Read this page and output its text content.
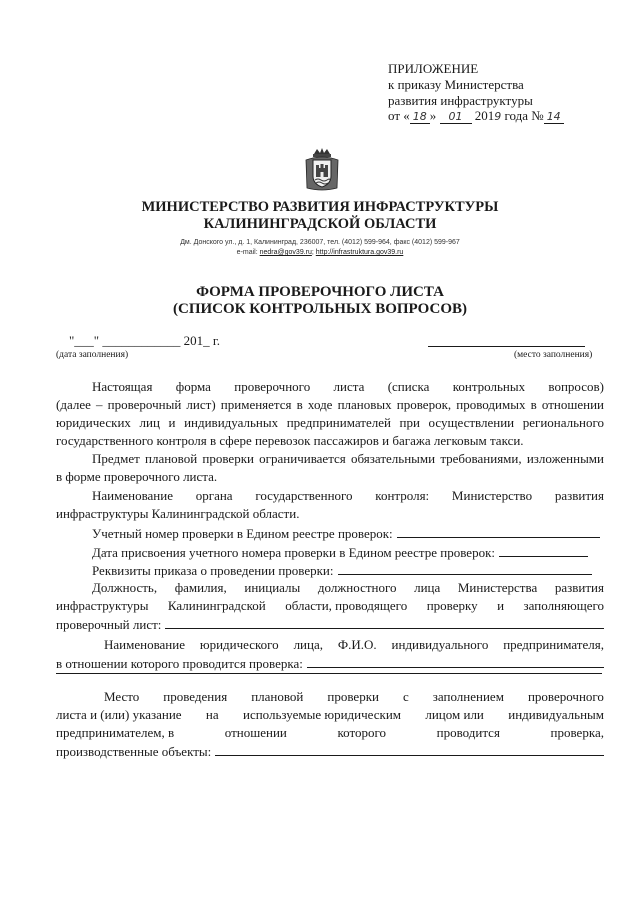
ПРИЛОЖЕНИЕ
к приказу Министерства
развития инфраструктуры
от « 18 » 01 2019 года № 14
МИНИСТЕРСТВО РАЗВИТИЯ ИНФРАСТРУКТУРЫ
КАЛИНИНГРАДСКОЙ ОБЛАСТИ
Дм. Донского ул., д. 1, Калининград, 236007, тел. (4012) 599-964, факс (4012) 599-967
e-mail: nedra@gov39.ru; http://infrastruktura.gov39.ru
ФОРМА ПРОВЕРОЧНОГО ЛИСТА
(СПИСОК КОНТРОЛЬНЫХ ВОПРОСОВ)
"___" ____________ 201_ г.
(дата заполнения)	(место заполнения)
Настоящая форма проверочного листа (списка контрольных вопросов)
(далее – проверочный лист) применяется в ходе плановых проверок, проводимых в отношении
юридических лиц и индивидуальных предпринимателей при осуществлении регионального
государственного контроля в сфере перевозок пассажиров и багажа легковым такси.
Предмет плановой проверки ограничивается обязательными требованиями, изложенными
в форме проверочного листа.
Наименование органа государственного контроля: Министерство развития
инфраструктуры Калининградской области.
Учетный номер проверки в Едином реестре проверок:
Дата присвоения учетного номера проверки в Едином реестре проверок:
Реквизиты приказа о проведении проверки:
Должность, фамилия, инициалы должностного лица Министерства развития
инфраструктуры Калининградской области, проводящего проверку и заполняющего
проверочный лист:
Наименование юридического лица, Ф.И.О. индивидуального предпринимателя,
в отношении которого проводится проверка:
Место проведения плановой проверки с заполнением проверочного
листа и (или) указание на используемые юридическим лицом или индивидуальным
предпринимателем, в	отношении	которого	проводится	проверка,
производственные объекты:
